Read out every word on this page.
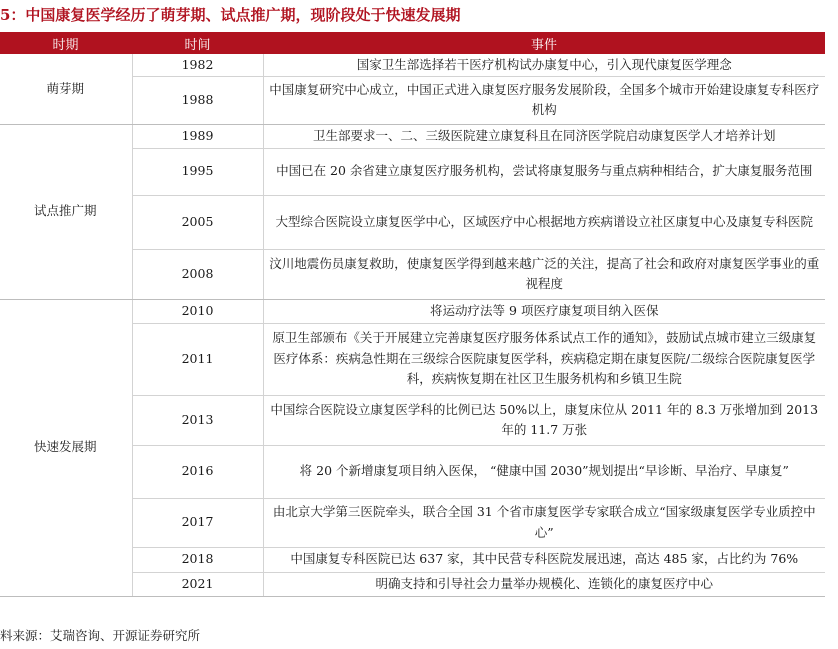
5：中国康复医学经历了萌芽期、试点推广期，现阶段处于快速发展期
时期	时间	事件
萌芽期	1982	国家卫生部选择若干医疗机构试办康复中心，引入现代康复医学理念
	1988	中国康复研究中心成立，中国正式进入康复医疗服务发展阶段，全国多个城市开始建设康复专科医疗机构
试点推广期	1989	卫生部要求一、二、三级医院建立康复科且在同济医学院启动康复医学人才培养计划
	1995	中国已在 20 余省建立康复医疗服务机构，尝试将康复服务与重点病种相结合，扩大康复服务范围
	2005	大型综合医院设立康复医学中心，区域医疗中心根据地方疾病谱设立社区康复中心及康复专科医院
	2008	汶川地震伤员康复救助，使康复医学得到越来越广泛的关注，提高了社会和政府对康复医学事业的重视程度
快速发展期	2010	将运动疗法等 9 项医疗康复项目纳入医保
	2011	原卫生部颁布《关于开展建立完善康复医疗服务体系试点工作的通知》，鼓励试点城市建立三级康复医疗体系：疾病急性期在三级综合医院康复医学科，疾病稳定期在康复医院/二级综合医院康复医学科，疾病恢复期在社区卫生服务机构和乡镇卫生院
	2013	中国综合医院设立康复医学科的比例已达 50%以上，康复床位从 2011 年的 8.3 万张增加到 2013 年的 11.7 万张
	2016	将 20 个新增康复项目纳入医保， “健康中国 2030”规划提出“早诊断、早治疗、早康复”
	2017	由北京大学第三医院牵头，联合全国 31 个省市康复医学专家联合成立“国家级康复医学专业质控中心”
	2018	中国康复专科医院已达 637 家，其中民营专科医院发展迅速，高达 485 家，占比约为 76%
	2021	明确支持和引导社会力量举办规模化、连锁化的康复医疗中心
料来源：艾瑞咨询、开源证券研究所
